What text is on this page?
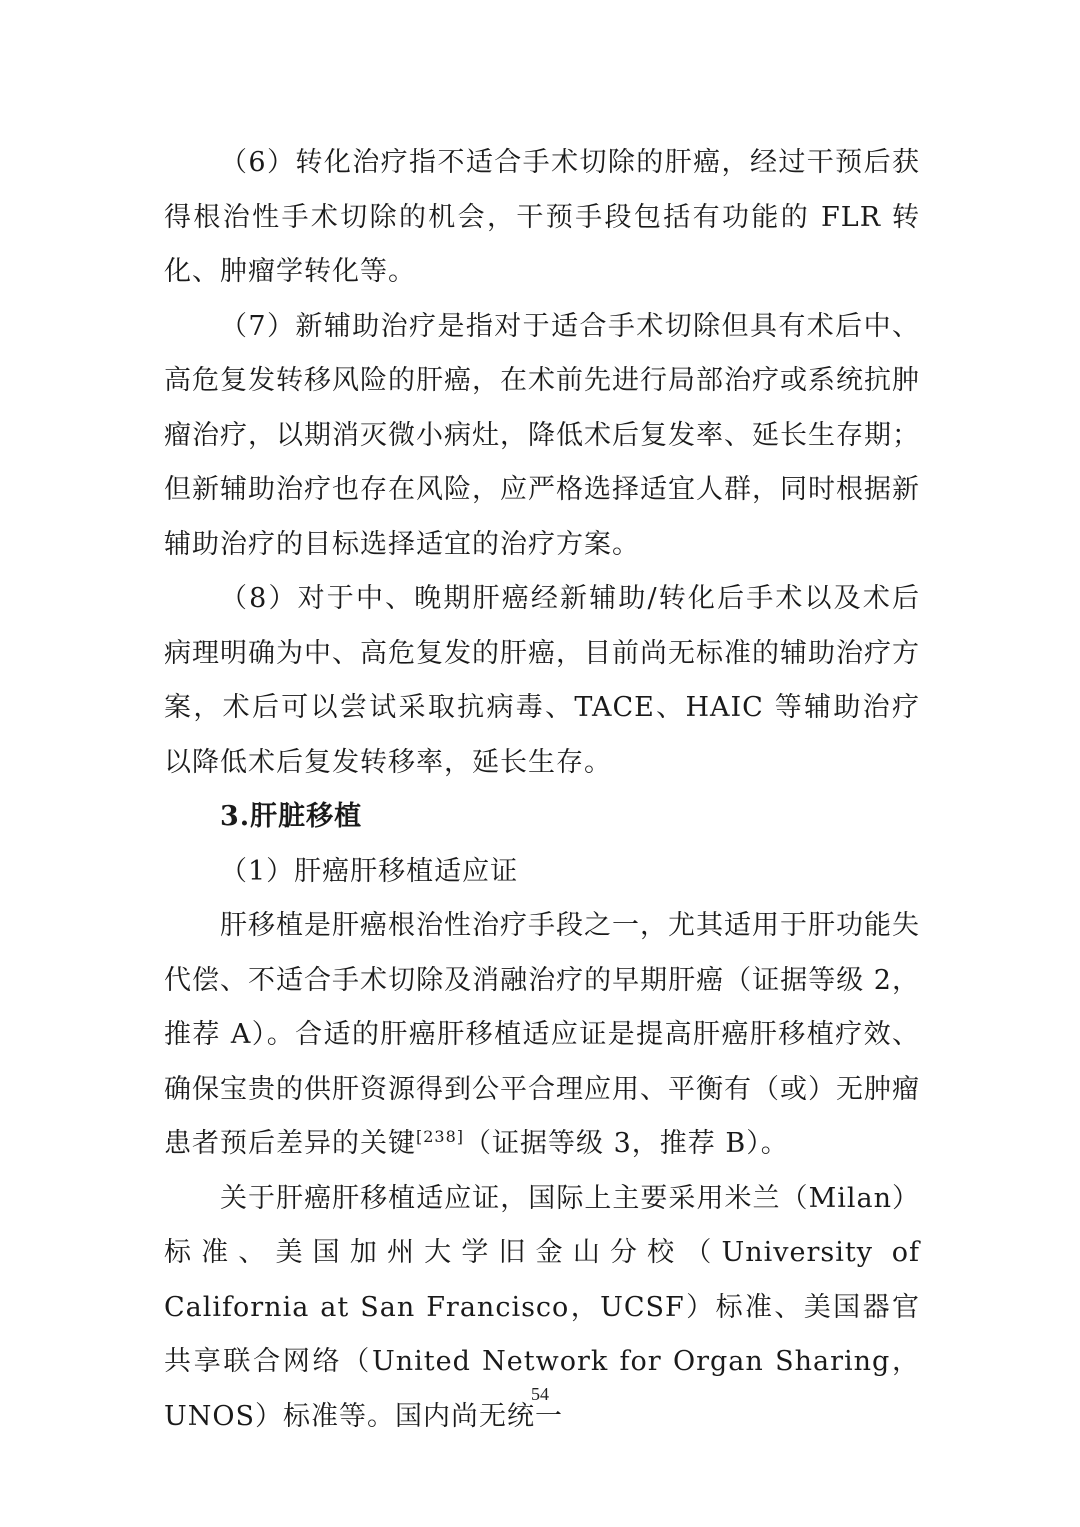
（6）转化治疗指不适合手术切除的肝癌，经过干预后获得根治性手术切除的机会，干预手段包括有功能的 FLR 转化、肿瘤学转化等。

（7）新辅助治疗是指对于适合手术切除但具有术后中、高危复发转移风险的肝癌，在术前先进行局部治疗或系统抗肿瘤治疗，以期消灭微小病灶，降低术后复发率、延长生存期；但新辅助治疗也存在风险，应严格选择适宜人群，同时根据新辅助治疗的目标选择适宜的治疗方案。

（8）对于中、晚期肝癌经新辅助/转化后手术以及术后病理明确为中、高危复发的肝癌，目前尚无标准的辅助治疗方案，术后可以尝试采取抗病毒、TACE、HAIC 等辅助治疗以降低术后复发转移率，延长生存。

3.肝脏移植

（1）肝癌肝移植适应证

肝移植是肝癌根治性治疗手段之一，尤其适用于肝功能失代偿、不适合手术切除及消融治疗的早期肝癌（证据等级 2，推荐 A）。合适的肝癌肝移植适应证是提高肝癌肝移植疗效、确保宝贵的供肝资源得到公平合理应用、平衡有（或）无肿瘤患者预后差异的关键[238]（证据等级 3，推荐 B）。

关于肝癌肝移植适应证，国际上主要采用米兰（Milan）标准、美国加州大学旧金山分校（University of California at San Francisco，UCSF）标准、美国器官共享联合网络（United Network for Organ Sharing，UNOS）标准等。国内尚无统一

54
